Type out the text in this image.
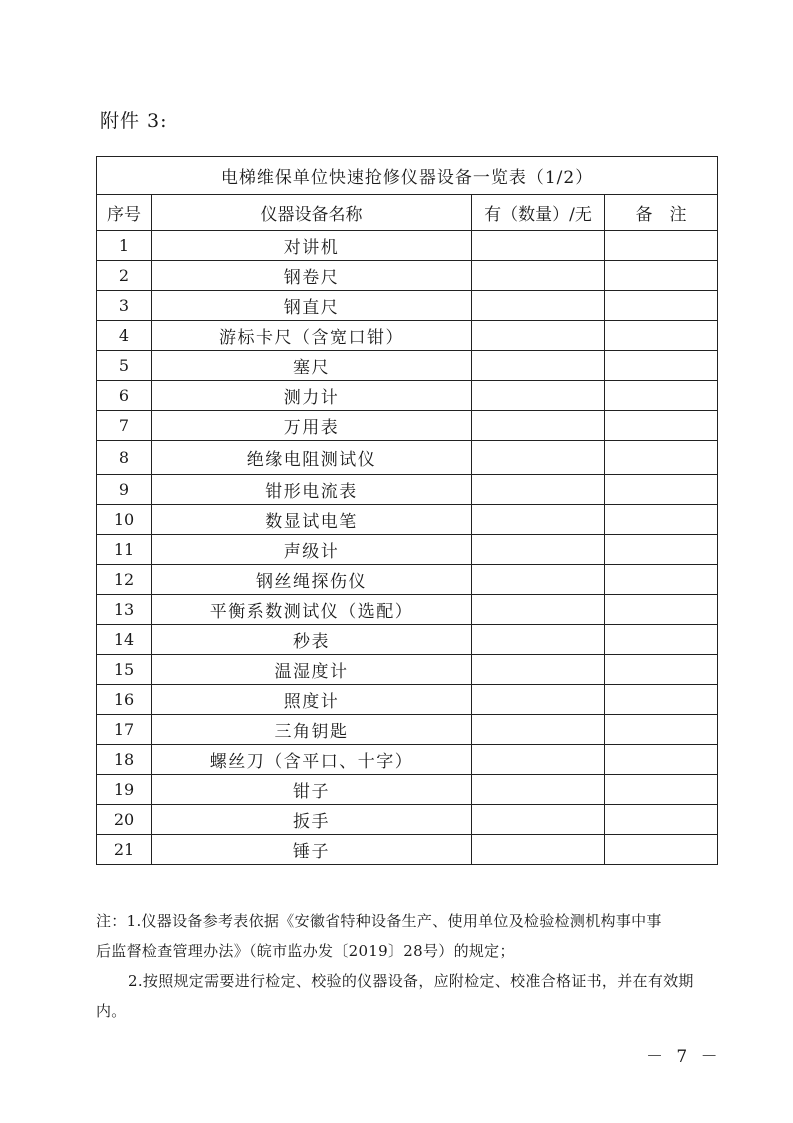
附件 3:
电梯维保单位快速抢修仪器设备一览表（1/2）			
序号	仪器设备名称	有（数量）/无	备　注
1	对讲机		
2	钢卷尺		
3	钢直尺		
4	游标卡尺（含宽口钳）		
5	塞尺		
6	测力计		
7	万用表		
8	绝缘电阻测试仪		
9	钳形电流表		
10	数显试电笔		
11	声级计		
12	钢丝绳探伤仪		
13	平衡系数测试仪（选配）		
14	秒表		
15	温湿度计		
16	照度计		
17	三角钥匙		
18	螺丝刀（含平口、十字）		
19	钳子		
20	扳手		
21	锤子		

注：1.仪器设备参考表依据《安徽省特种设备生产、使用单位及检验检测机构事中事

后监督检查管理办法》（皖市监办发〔2019〕28号）的规定；

2.按照规定需要进行检定、校验的仪器设备，应附检定、校准合格证书，并在有效期内。

－ 7 －
